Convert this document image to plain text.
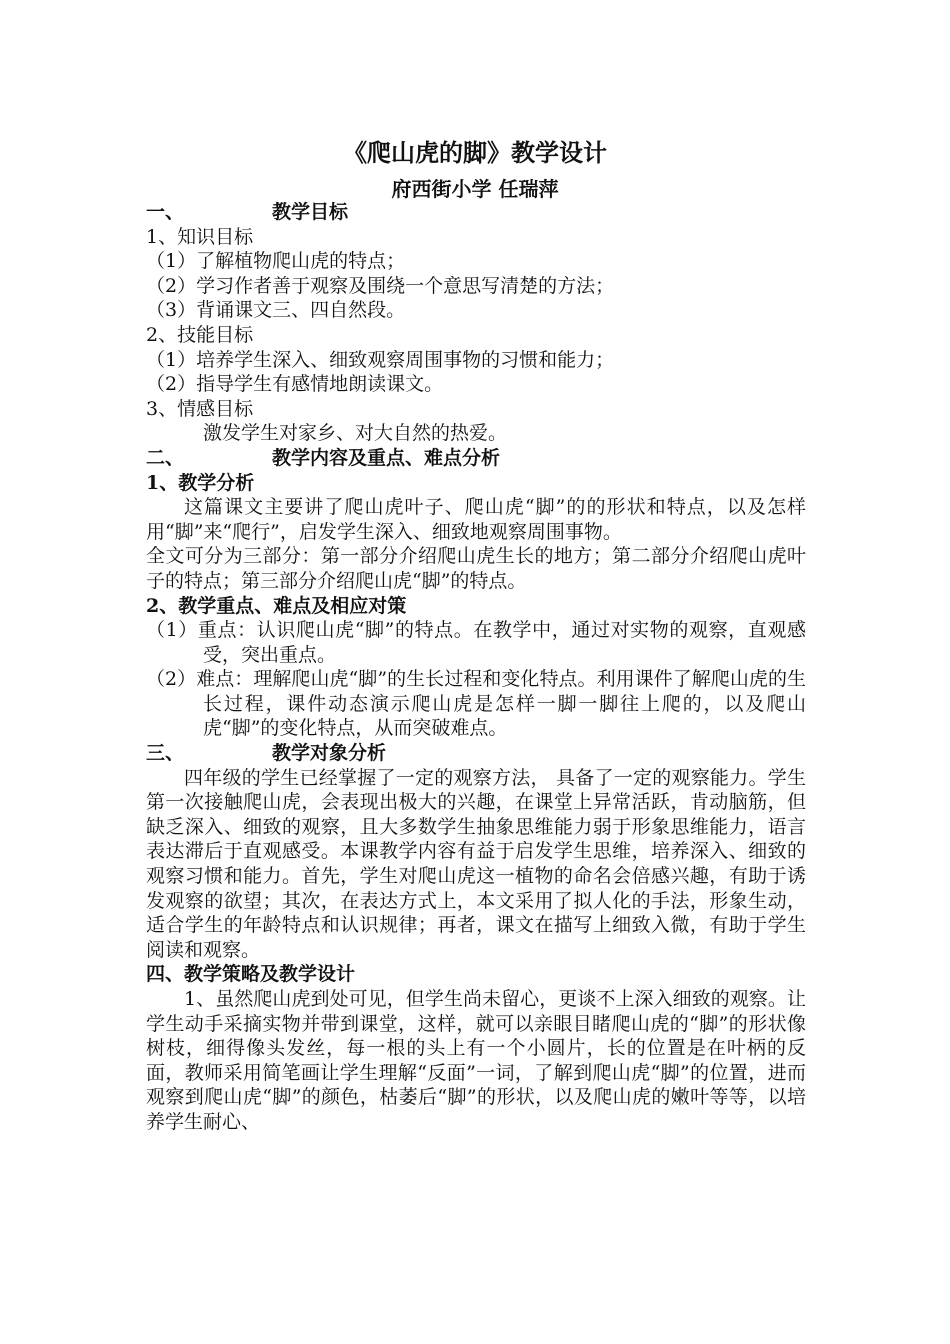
《爬山虎的脚》教学设计
府西街小学 任瑞萍

一、	教学目标

1、知识目标

（1）了解植物爬山虎的特点；

（2）学习作者善于观察及围绕一个意思写清楚的方法；

（3）背诵课文三、四自然段。

2、技能目标

（1）培养学生深入、细致观察周围事物的习惯和能力；

（2）指导学生有感情地朗读课文。

3、情感目标

激发学生对家乡、对大自然的热爱。

二、	教学内容及重点、难点分析

1、教学分析

这篇课文主要讲了爬山虎叶子、爬山虎“脚”的的形状和特点，以及怎样用“脚”来“爬行”，启发学生深入、细致地观察周围事物。

全文可分为三部分：第一部分介绍爬山虎生长的地方；第二部分介绍爬山虎叶子的特点；第三部分介绍爬山虎“脚”的特点。

2、教学重点、难点及相应对策

（1）重点：认识爬山虎“脚”的特点。在教学中，通过对实物的观察，直观感受，突出重点。

（2）难点：理解爬山虎“脚”的生长过程和变化特点。利用课件了解爬山虎的生长过程，课件动态演示爬山虎是怎样一脚一脚往上爬的，以及爬山虎“脚”的变化特点，从而突破难点。

三、	教学对象分析

四年级的学生已经掌握了一定的观察方法， 具备了一定的观察能力。学生第一次接触爬山虎，会表现出极大的兴趣，在课堂上异常活跃，肯动脑筋，但缺乏深入、细致的观察，且大多数学生抽象思维能力弱于形象思维能力，语言表达滞后于直观感受。本课教学内容有益于启发学生思维，培养深入、细致的观察习惯和能力。首先，学生对爬山虎这一植物的命名会倍感兴趣，有助于诱发观察的欲望；其次，在表达方式上，本文采用了拟人化的手法，形象生动，适合学生的年龄特点和认识规律；再者，课文在描写上细致入微，有助于学生阅读和观察。

四、教学策略及教学设计

1、虽然爬山虎到处可见，但学生尚未留心，更谈不上深入细致的观察。让学生动手采摘实物并带到课堂，这样，就可以亲眼目睹爬山虎的“脚”的形状像树枝，细得像头发丝，每一根的头上有一个小圆片，长的位置是在叶柄的反面，教师采用简笔画让学生理解“反面”一词，了解到爬山虎“脚”的位置，进而观察到爬山虎“脚”的颜色，枯萎后“脚”的形状，以及爬山虎的嫩叶等等，以培养学生耐心、
